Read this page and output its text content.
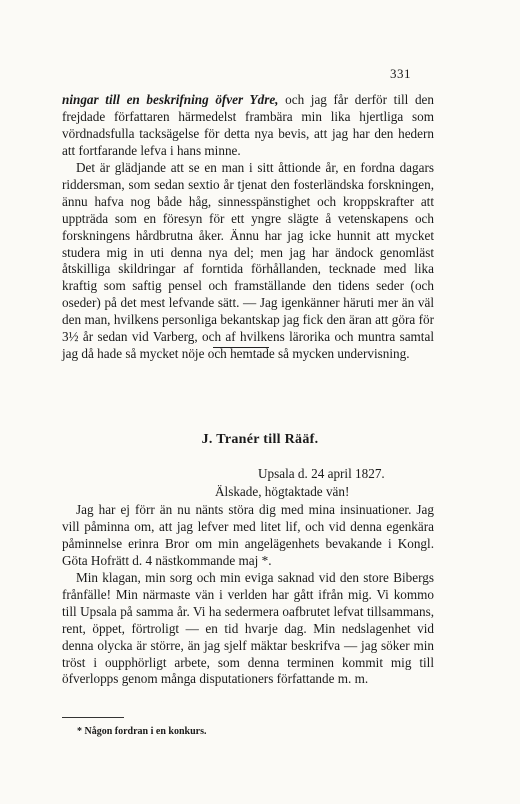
331

ningar till en beskrifning öfver Ydre, och jag får derför till den frejdade författaren härmedelst frambära min lika hjertliga som vördnadsfulla tacksägelse för detta nya bevis, att jag har den hedern att fortfarande lefva i hans minne.

Det är glädjande att se en man i sitt åttionde år, en fordna dagars riddersman, som sedan sextio år tjenat den fosterländska forskningen, ännu hafva nog både håg, sinnesspänstighet och kroppskrafter att uppträda som en föresyn för ett yngre slägte å vetenskapens och forskningens hårdbrutna åker. Ännu har jag icke hunnit att mycket studera mig in uti denna nya del; men jag har ändock genomläst åtskilliga skildringar af forntida förhållanden, tecknade med lika kraftig som saftig pensel och framställande den tidens seder (och oseder) på det mest lefvande sätt. — Jag igenkänner häruti mer än väl den man, hvilkens personliga bekantskap jag fick den äran att göra för 3½ år sedan vid Varberg, och af hvilkens lärorika och muntra samtal jag då hade så mycket nöje och hemtade så mycken undervisning.

J. Tranér till Rääf.
Upsala d. 24 april 1827.
Älskade, högtaktade vän!

Jag har ej förr än nu nänts störa dig med mina insinuationer. Jag vill påminna om, att jag lefver med litet lif, och vid denna egenkära påminnelse erinra Bror om min angelägenhets bevakande i Kongl. Göta Hofrätt d. 4 nästkommande maj *.

Min klagan, min sorg och min eviga saknad vid den store Bibergs frånfälle! Min närmaste vän i verlden har gått ifrån mig. Vi kommo till Upsala på samma år. Vi ha sedermera oafbrutet lefvat tillsammans, rent, öppet, förtroligt — en tid hvarje dag. Min nedslagenhet vid denna olycka är större, än jag sjelf mäktar beskrifva — jag söker min tröst i oupphörligt arbete, som denna terminen kommit mig till öfverlopps genom många disputationers författande m. m.

* Någon fordran i en konkurs.
